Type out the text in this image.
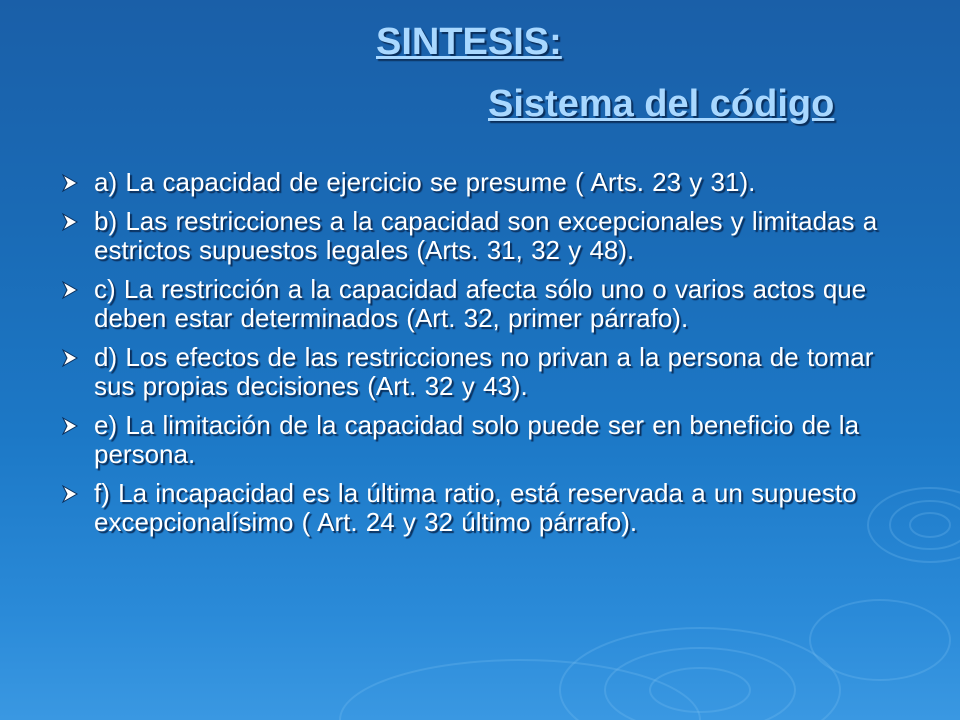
SINTESIS:
Sistema del código
a) La capacidad de ejercicio se presume ( Arts. 23 y 31).
b) Las restricciones a la capacidad son excepcionales y limitadas a estrictos supuestos legales (Arts. 31, 32 y 48).
c) La restricción a la capacidad afecta sólo uno o varios actos que deben estar determinados (Art. 32, primer párrafo).
d) Los efectos de las restricciones no privan a la persona de tomar sus propias decisiones (Art. 32 y 43).
e) La limitación de la capacidad solo puede ser en beneficio de la persona.
f) La incapacidad es la última ratio, está reservada a un supuesto excepcionalísimo ( Art. 24 y 32 último párrafo).
